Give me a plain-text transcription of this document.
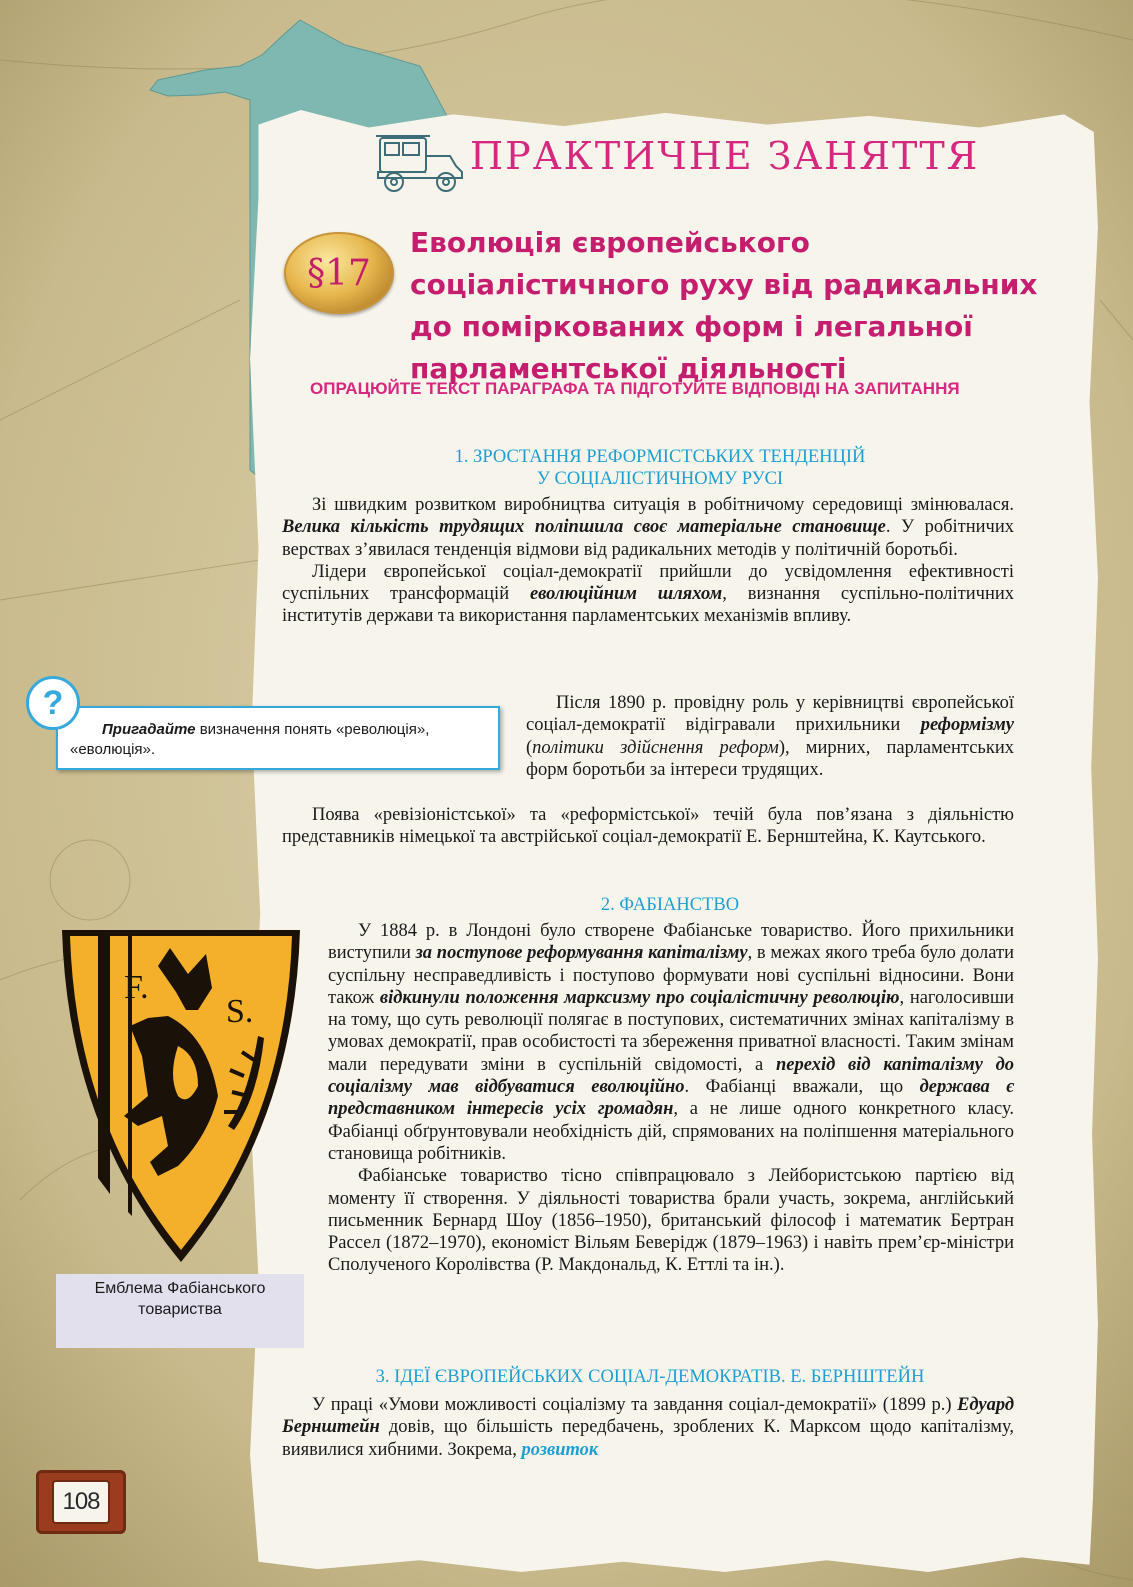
ПРАКТИЧНЕ ЗАНЯТТЯ
§17
Еволюція європейського соціалістичного руху від радикальних до поміркованих форм і легальної парламентської діяльності
ОПРАЦЮЙТЕ ТЕКСТ ПАРАГРАФА ТА ПІДГОТУЙТЕ ВІДПОВІДІ НА ЗАПИТАННЯ
1. ЗРОСТАННЯ РЕФОРМІСТСЬКИХ ТЕНДЕНЦІЙ
У СОЦІАЛІСТИЧНОМУ РУСІ

Зі швидким розвитком виробництва ситуація в робітничому середовищі змінювалася. Велика кількість трудящих поліпшила своє матеріальне становище. У робітничих верствах з’явилася тенденція відмови від радикальних методів у політичній боротьбі.

Лідери європейської соціал-демократії прийшли до усвідомлення ефективності суспільних трансформацій еволюційним шляхом, визнання суспільно-політичних інститутів держави та використання парламентських механізмів впливу.

Після 1890 р. провідну роль у керівництві європейської соціал-демократії відігравали прихильники реформізму (політики здійснення реформ), мирних, парламентських форм боротьби за інтереси трудящих.

Поява «ревізіоністської» та «реформістської» течій була пов’язана з діяльністю представників німецької та австрійської соціал-демократії Е. Бернштейна, К. Каутського.

Пригадайте визначення понять «революція», «еволюція».
?
2. ФАБІАНСТВО

У 1884 р. в Лондоні було створене Фабіанське товариство. Його прихильники виступили за поступове реформування капіталізму, в межах якого треба було долати суспільну несправедливість і поступово формувати нові суспільні відносини. Вони також відкинули положення марксизму про соціалістичну революцію, наголосивши на тому, що суть революції полягає в поступових, систематичних змінах капіталізму в умовах демократії, прав особистості та збереження приватної власності. Таким змінам мали передувати зміни в суспільній свідомості, а перехід від капіталізму до соціалізму мав відбуватися еволюційно. Фабіанці вважали, що держава є представником інтересів усіх громадян, а не лише одного конкретного класу. Фабіанці обґрунтовували необхідність дій, спрямованих на поліпшення матеріального становища робітників.

Фабіанське товариство тісно співпрацювало з Лейбористською партією від моменту її створення. У діяльності товариства брали участь, зокрема, англійський письменник Бернард Шоу (1856–1950), британський філософ і математик Бертран Рассел (1872–1970), економіст Вільям Беверідж (1879–1963) і навіть прем’єр-міністри Сполученого Королівства (Р. Макдональд, К. Еттлі та ін.).

F.
S.
Емблема Фабіанського товариства
3. ІДЕЇ ЄВРОПЕЙСЬКИХ СОЦІАЛ-ДЕМОКРАТІВ. Е. БЕРНШТЕЙН

У праці «Умови можливості соціалізму та завдання соціал-демократії» (1899 р.) Едуард Бернштейн довів, що більшість передбачень, зроблених К. Марксом щодо капіталізму, виявилися хибними. Зокрема, розвиток

108
